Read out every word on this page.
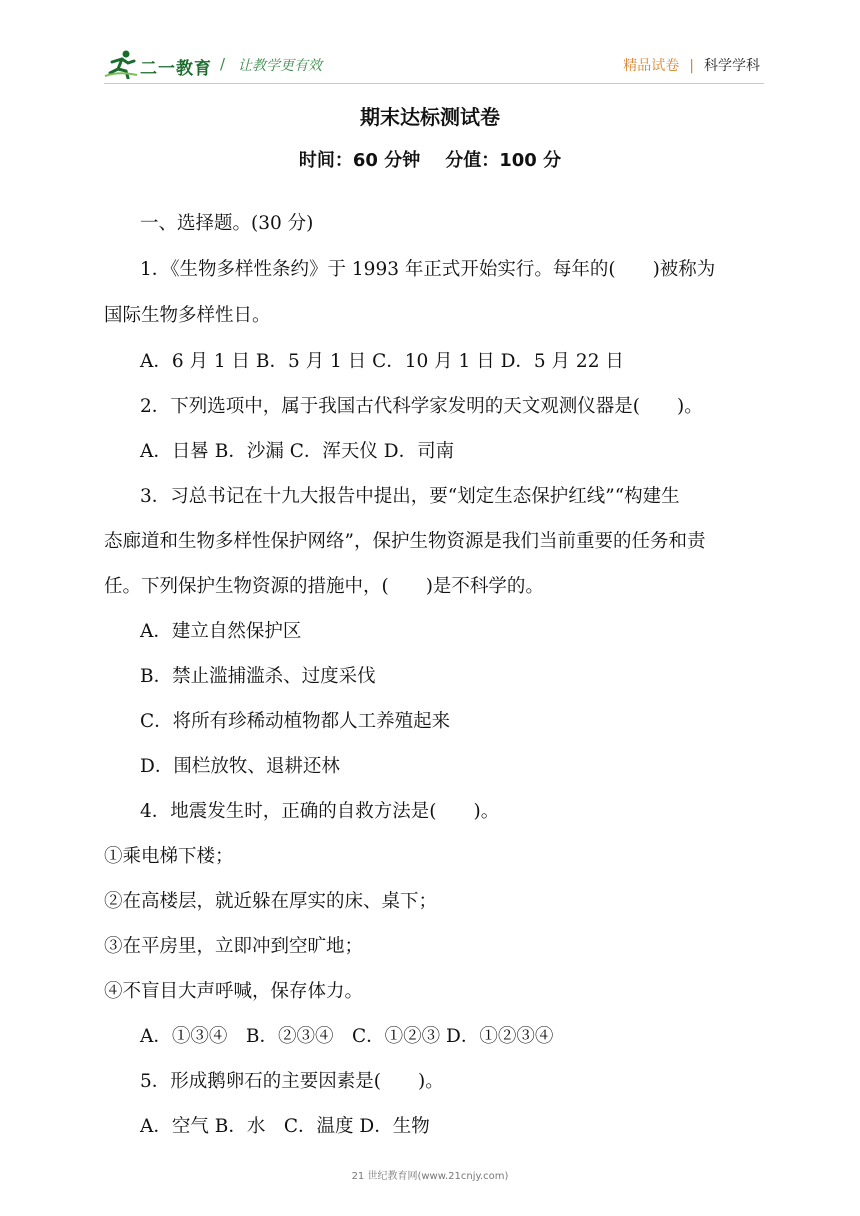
二一教育 / 让教学更有效	精品试卷 | 科学学科
期末达标测试卷
时间：60 分钟    分值：100 分
一、选择题。(30 分)
1．《生物多样性条约》于 1993 年正式开始实行。每年的(　　)被称为
国际生物多样性日。
A．6 月 1 日 B．5 月 1 日 C．10 月 1 日 D．5 月 22 日
2．下列选项中，属于我国古代科学家发明的天文观测仪器是(　　)。
A．日晷 B．沙漏 C．浑天仪 D．司南
3．习总书记在十九大报告中提出，要“划定生态保护红线”“构建生
态廊道和生物多样性保护网络”，保护生物资源是我们当前重要的任务和责
任。下列保护生物资源的措施中，(　　)是不科学的。
A．建立自然保护区
B．禁止滥捕滥杀、过度采伐
C．将所有珍稀动植物都人工养殖起来
D．围栏放牧、退耕还林
4．地震发生时，正确的自救方法是(　　)。
①乘电梯下楼；
②在高楼层，就近躲在厚实的床、桌下；
③在平房里，立即冲到空旷地；
④不盲目大声呼喊，保存体力。
A．①③④　B．②③④　C．①②③ D．①②③④
5．形成鹅卵石的主要因素是(　　)。
A．空气 B．水　C．温度 D．生物
21 世纪教育网(www.21cnjy.com)
